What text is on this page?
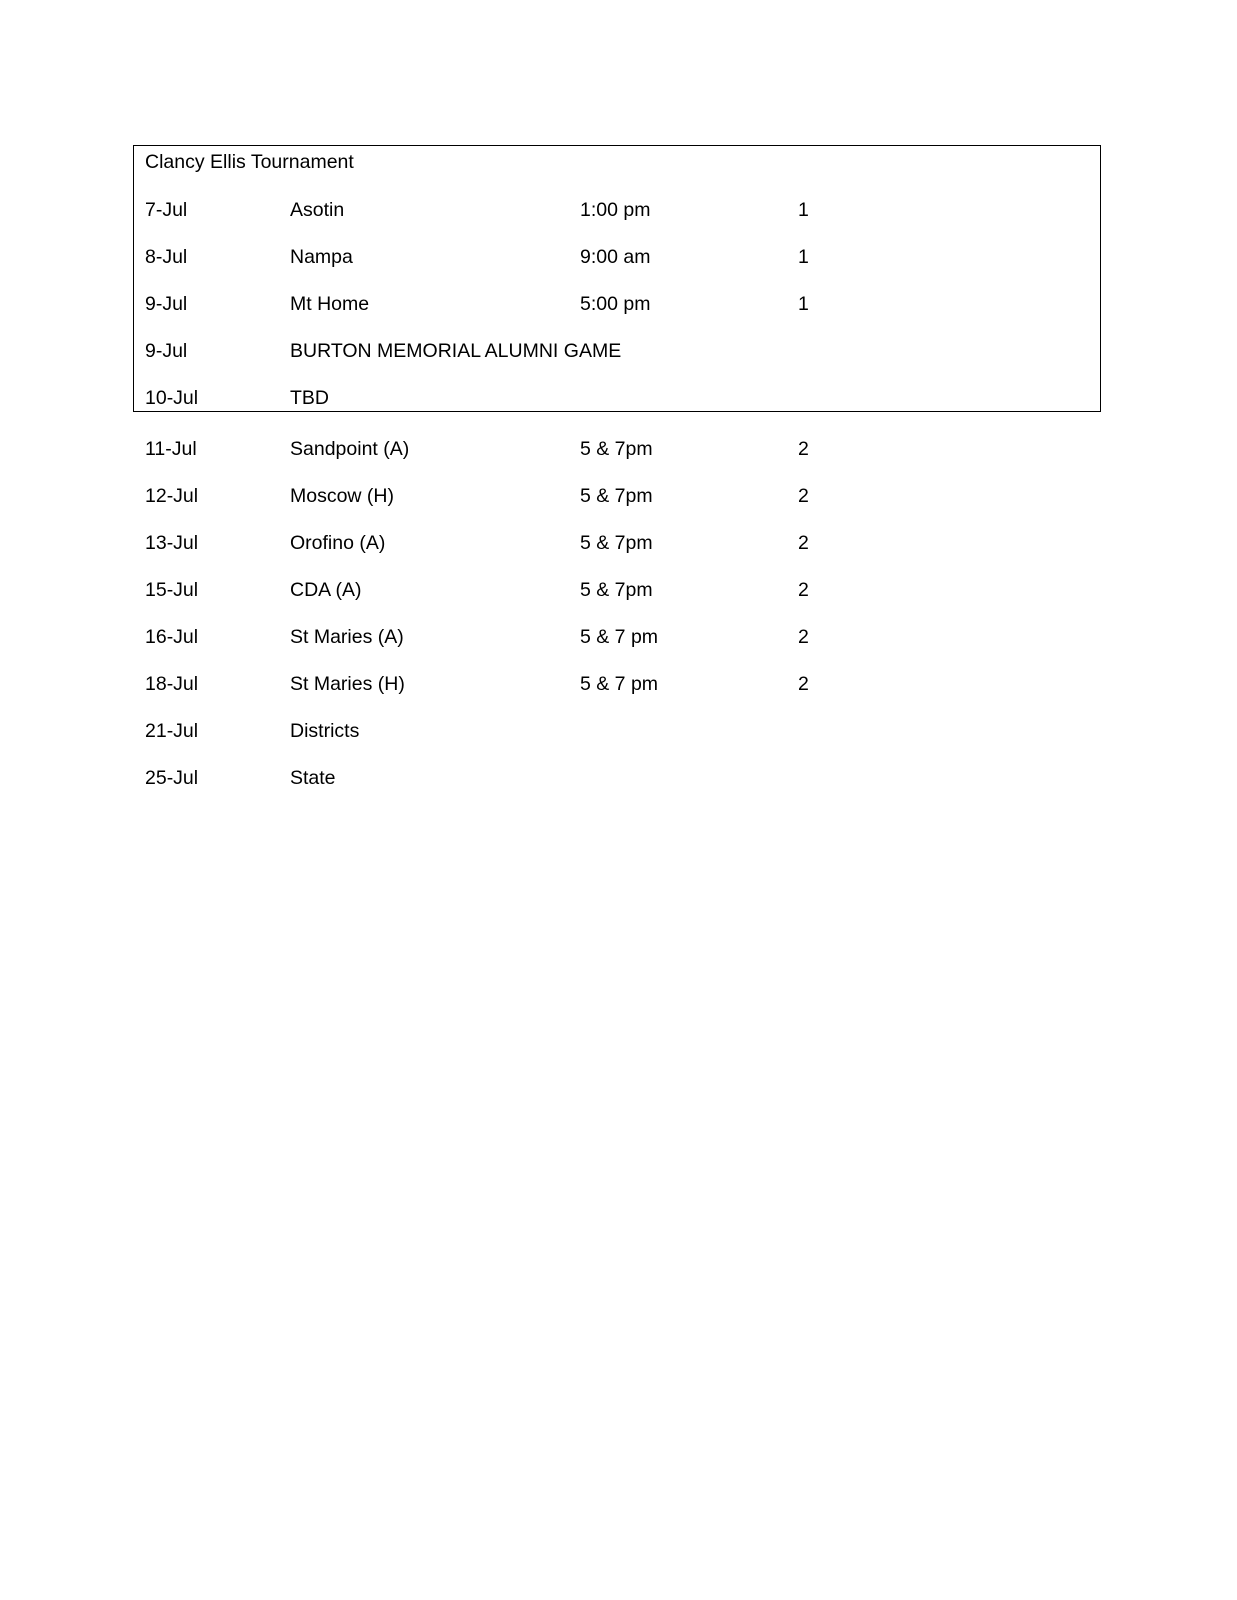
Clancy Ellis Tournament
7-Jul	Asotin	1:00 pm	1
8-Jul	Nampa	9:00 am	1
9-Jul	Mt Home	5:00 pm	1
9-Jul	BURTON MEMORIAL ALUMNI GAME
10-Jul	TBD
11-Jul	Sandpoint (A)	5 & 7pm	2
12-Jul	Moscow (H)	5 & 7pm	2
13-Jul	Orofino (A)	5 & 7pm	2
15-Jul	CDA (A)	5 & 7pm	2
16-Jul	St Maries (A)	5 & 7 pm	2
18-Jul	St Maries (H)	5 & 7 pm	2
21-Jul	Districts
25-Jul	State
